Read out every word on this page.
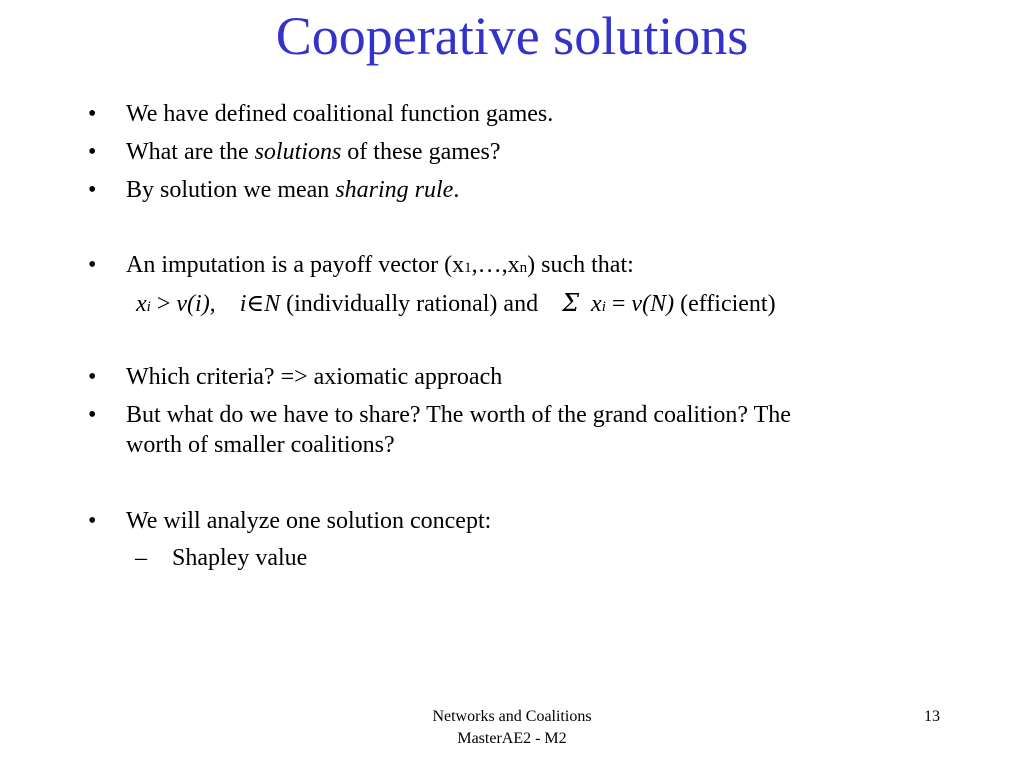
Cooperative solutions
• We have defined coalitional function games.
• What are the solutions of these games?
• By solution we mean sharing rule.
• An imputation is a payoff vector (x1,…,xn) such that:
xi > v(i), i∈N (individually rational) and Σ xi = v(N) (efficient)
• Which criteria? => axiomatic approach
• But what do we have to share? The worth of the grand coalition? The
worth of smaller coalitions?
• We will analyze one solution concept:
– Shapley value
Networks and Coalitions
MasterAE2 - M2
13
